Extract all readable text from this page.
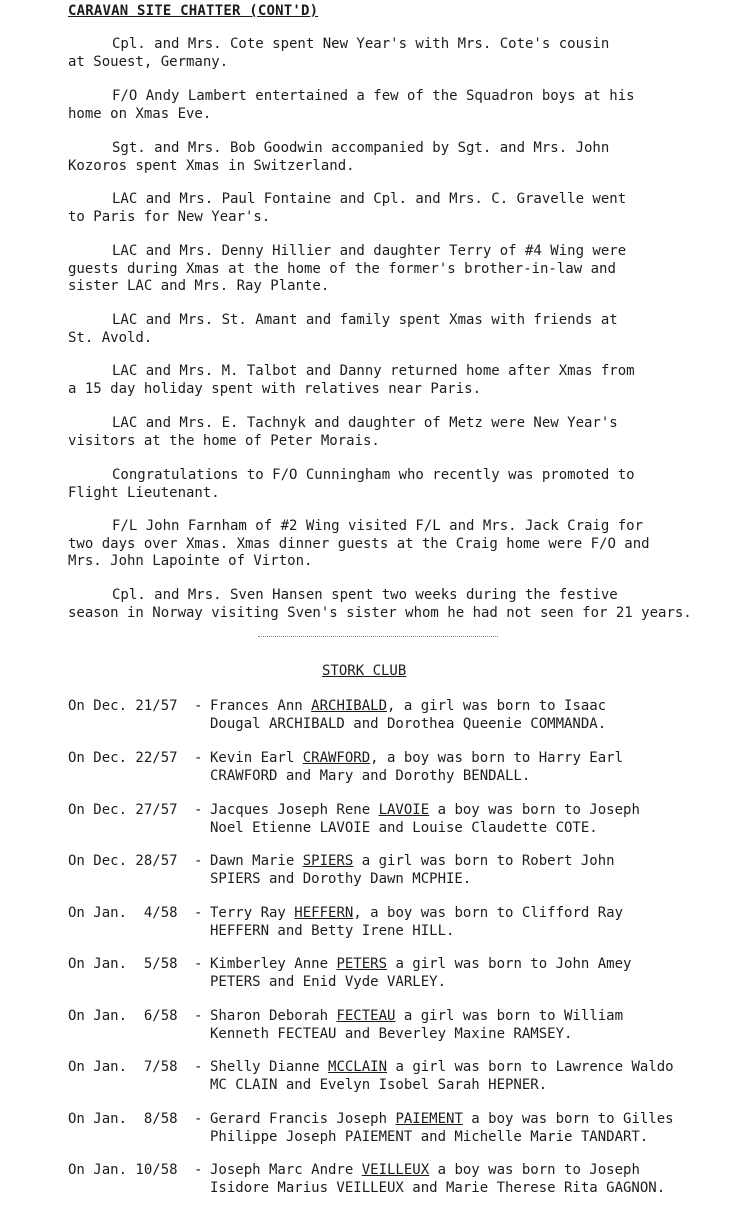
CARAVAN SITE CHATTER (CONT'D)
Cpl. and Mrs. Cote spent New Year's with Mrs. Cote's cousin
at Souest, Germany.
F/O Andy Lambert entertained a few of the Squadron boys at his
home on Xmas Eve.
Sgt. and Mrs. Bob Goodwin accompanied by Sgt. and Mrs. John
Kozoros spent Xmas in Switzerland.
LAC and Mrs. Paul Fontaine and Cpl. and Mrs. C. Gravelle went
to Paris for New Year's.
LAC and Mrs. Denny Hillier and daughter Terry of #4 Wing were
guests during Xmas at the home of the former's brother-in-law and
sister LAC and Mrs. Ray Plante.
LAC and Mrs. St. Amant and family spent Xmas with friends at
St. Avold.
LAC and Mrs. M. Talbot and Danny returned home after Xmas from
a 15 day holiday spent with relatives near Paris.
LAC and Mrs. E. Tachnyk and daughter of Metz were New Year's
visitors at the home of Peter Morais.
Congratulations to F/O Cunningham who recently was promoted to
Flight Lieutenant.
F/L John Farnham of #2 Wing visited F/L and Mrs. Jack Craig for
two days over Xmas. Xmas dinner guests at the Craig home were F/O and
Mrs. John Lapointe of Virton.
Cpl. and Mrs. Sven Hansen spent two weeks during the festive
season in Norway visiting Sven's sister whom he had not seen for 21 years.
STORK CLUB
On Dec. 21/57 - Frances Ann ARCHIBALD, a girl was born to Isaac
Dougal ARCHIBALD and Dorothea Queenie COMMANDA.
On Dec. 22/57 - Kevin Earl CRAWFORD, a boy was born to Harry Earl
CRAWFORD and Mary and Dorothy BENDALL.
On Dec. 27/57 - Jacques Joseph Rene LAVOIE a boy was born to Joseph
Noel Etienne LAVOIE and Louise Claudette COTE.
On Dec. 28/57 - Dawn Marie SPIERS a girl was born to Robert John
SPIERS and Dorothy Dawn MCPHIE.
On Jan.  4/58 - Terry Ray HEFFERN, a boy was born to Clifford Ray
HEFFERN and Betty Irene HILL.
On Jan.  5/58 - Kimberley Anne PETERS a girl was born to John Amey
PETERS and Enid Vyde VARLEY.
On Jan.  6/58 - Sharon Deborah FECTEAU a girl was born to William
Kenneth FECTEAU and Beverley Maxine RAMSEY.
On Jan.  7/58 - Shelly Dianne MCCLAIN a girl was born to Lawrence Waldo
MC CLAIN and Evelyn Isobel Sarah HEPNER.
On Jan.  8/58 - Gerard Francis Joseph PAIEMENT a boy was born to Gilles
Philippe Joseph PAIEMENT and Michelle Marie TANDART.
On Jan. 10/58 - Joseph Marc Andre VEILLEUX a boy was born to Joseph
Isidore Marius VEILLEUX and Marie Therese Rita GAGNON.
